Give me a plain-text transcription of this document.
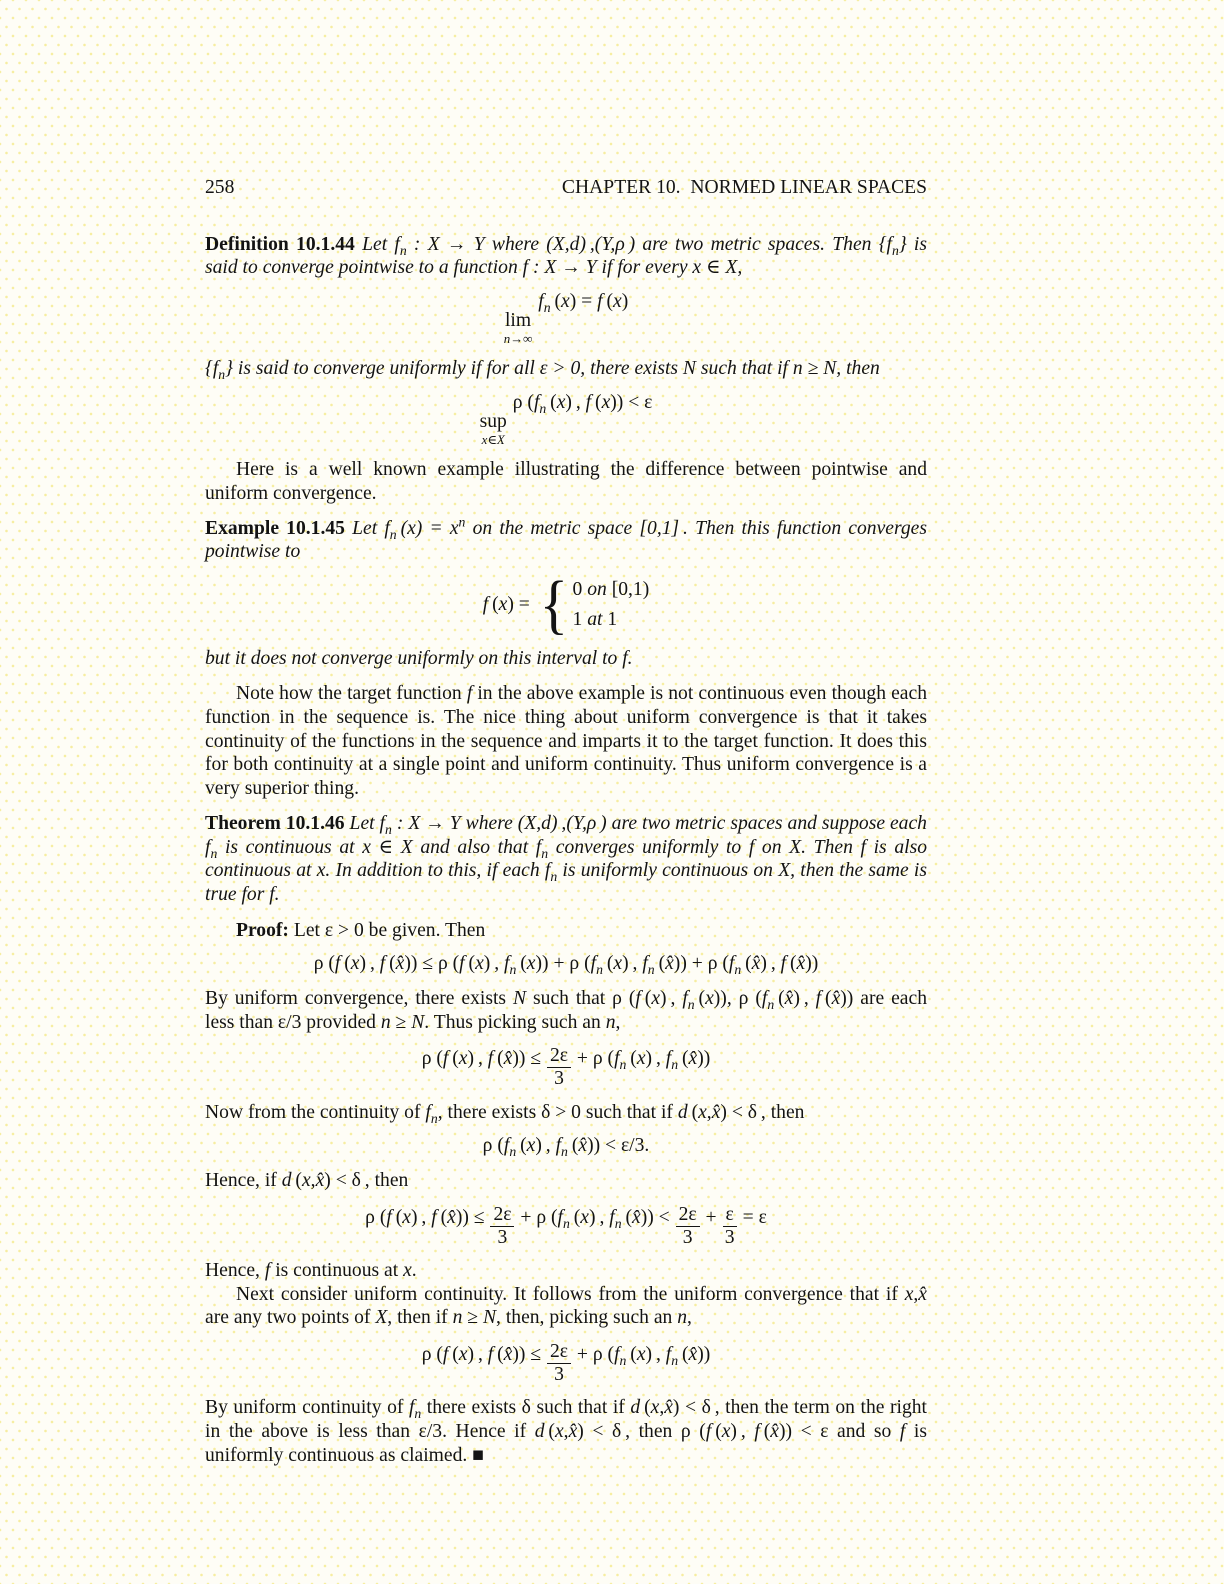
258	CHAPTER 10.  NORMED LINEAR SPACES
Definition 10.1.44 Let $f_n$ : X → Y where (X,d) ,(Y,ρ ) are two metric spaces. Then $\{f_n\}$ is said to converge pointwise to a function f : X → Y if for every x ∈ X,
lim
n→∞
$f_n$ (x) = f (x)
$\{f_n\}$ is said to converge uniformly if for all ε > 0, there exists N such that if n ≥ N, then
sup
x∈X
ρ ($f_n$ (x) , f (x)) < ε
Here is a well known example illustrating the difference between pointwise and uniform convergence.
Example 10.1.45 Let $f_n$ $(x) = x^n$ on the metric space [0,1] . Then this function converges pointwise to
f (x) = { 0 on [0,1)
1 at 1
but it does not converge uniformly on this interval to f.
Note how the target function f in the above example is not continuous even though each function in the sequence is. The nice thing about uniform convergence is that it takes continuity of the functions in the sequence and imparts it to the target function. It does this for both continuity at a single point and uniform continuity. Thus uniform convergence is a very superior thing.
Theorem 10.1.46 Let $f_n$ : X → Y where (X,d) ,(Y,ρ ) are two metric spaces and suppose each $f_n$ is continuous at x ∈ X and also that $f_n$ converges uniformly to f on X. Then f is also continuous at x. In addition to this, if each $f_n$ is uniformly continuous on X, then the same is true for f.
Proof: Let ε > 0 be given. Then
ρ (f (x) , f (x̂)) ≤ ρ (f (x) , $f_n$ (x)) + ρ ($f_n$ (x) , $f_n$ (x̂)) + ρ ($f_n$ (x̂) , f (x̂))
By uniform convergence, there exists N such that ρ (f (x) , $f_n$ (x)), ρ ($f_n$ (x̂) , f (x̂)) are each less than ε/3 provided n ≥ N. Thus picking such an n,
ρ (f (x) , f (x̂)) ≤ $\frac{2\varepsilon}{3} + \rho$ ($f_n$ (x) , $f_n$ (x̂))
Now from the continuity of $f_n$, there exists δ > 0 such that if d (x,x̂) < δ , then
ρ ($f_n$ (x) , $f_n$ (x̂)) < ε/3.
Hence, if d (x,x̂) < δ , then
ρ (f (x) , f (x̂)) ≤ $\frac{2\varepsilon}{3} + \rho$ ($f_n$ (x) , $f_n$ (x̂)) < $\frac{2\varepsilon}{3} + \frac{\varepsilon}{3} = \varepsilon$
Hence, f is continuous at x.
Next consider uniform continuity. It follows from the uniform convergence that if x,x̂ are any two points of X, then if n ≥ N, then, picking such an n,
ρ (f (x) , f (x̂)) ≤ $\frac{2\varepsilon}{3} + \rho$ ($f_n$ (x) , $f_n$ (x̂))
By uniform continuity of $f_n$ there exists δ such that if d (x,x̂) < δ , then the term on the right in the above is less than ε/3. Hence if d (x,x̂) < δ , then ρ (f (x) , f (x̂)) < ε and so f is uniformly continuous as claimed. ■
